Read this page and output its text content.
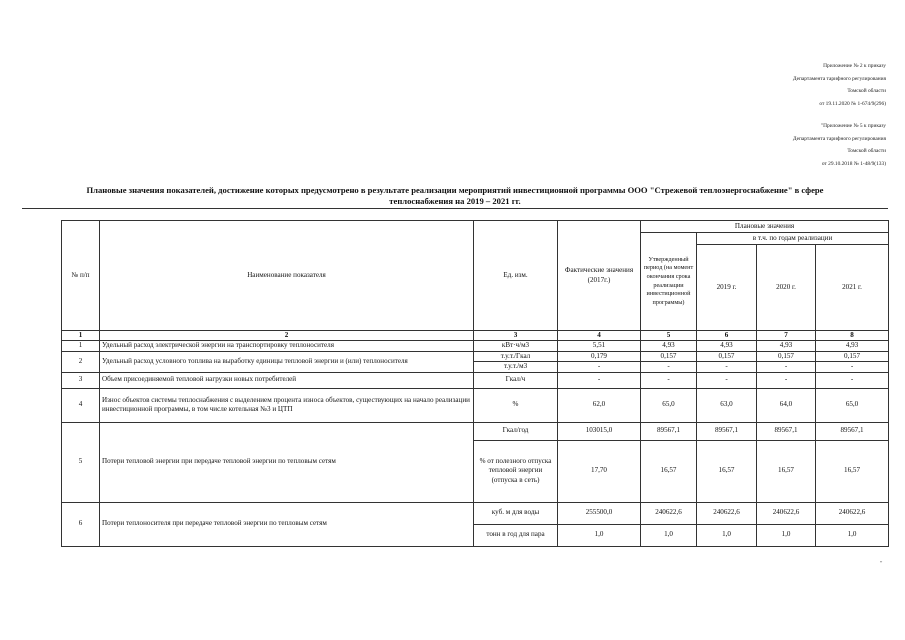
Приложение № 2 к приказу
Департамента тарифного регулирования
Томской области
от 19.11.2020 № 1-674/9(296)
"Приложение № 5 к приказу
Департамента тарифного регулирования
Томской области
от 29.10.2018 № 1-48/9(133)
Плановые значения показателей, достижение которых предусмотрено в результате реализации мероприятий инвестиционной программы ООО "Стрежевой теплоэнергоснабжение" в сфере
теплоснабжения на 2019 – 2021 гг.
№ п/п	Наименование показателя	Ед. изм.	Фактические значения (2017г.)	Плановые значения			
				Утвержденный период (на момент окончания срока реализации инвестиционной программы)	в т.ч. по годам реализации		
					2019 г.	2020 г.	2021 г.
1	2	3	4	5	6	7	8
1	Удельный расход электрической энергии на транспортировку теплоносителя	кВт·ч/м3	5,51	4,93	4,93	4,93	4,93
2	Удельный расход условного топлива на выработку единицы тепловой энергии и (или) теплоносителя	т.у.т./Гкал	0,179	0,157	0,157	0,157	0,157
		т.у.т./м3	-	-	-	-	-
3	Объем присоединяемой тепловой нагрузки новых потребителей	Гкал/ч	-	-	-	-	-
4	Износ объектов системы теплоснабжения с выделением процента износа объектов, существующих на начало реализации инвестиционной программы, в том числе котельная №3 и ЦТП	%	62,0	65,0	63,0	64,0	65,0
5	Потери тепловой энергии при передаче тепловой энергии по тепловым сетям	Гкал/год	103015,0	89567,1	89567,1	89567,1	89567,1
		% от полезного отпуска тепловой энергии (отпуска в сеть)	17,70	16,57	16,57	16,57	16,57
6	Потери теплоносителя при передаче тепловой энергии по тепловым сетям	куб. м для воды	255500,0	240622,6	240622,6	240622,6	240622,6
		тонн в год для пара	1,0	1,0	1,0	1,0	1,0
"
